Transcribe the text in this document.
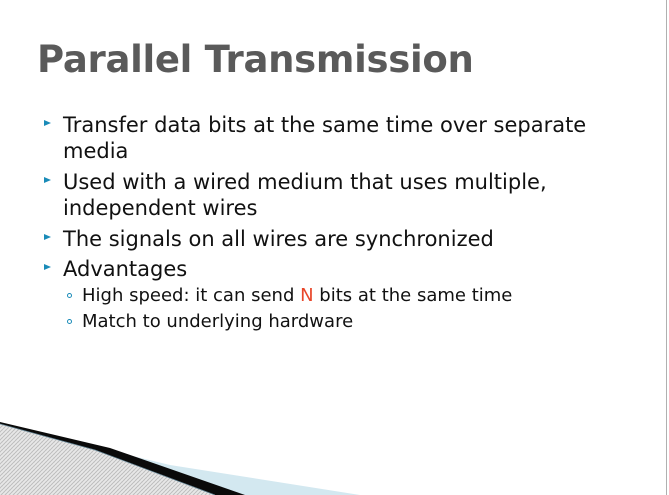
Parallel Transmission
Transfer data bits at the same time over separate media
Used with a wired medium that uses multiple, independent wires
The signals on all wires are synchronized
Advantages
High speed: it can send N bits at the same time
Match to underlying hardware
